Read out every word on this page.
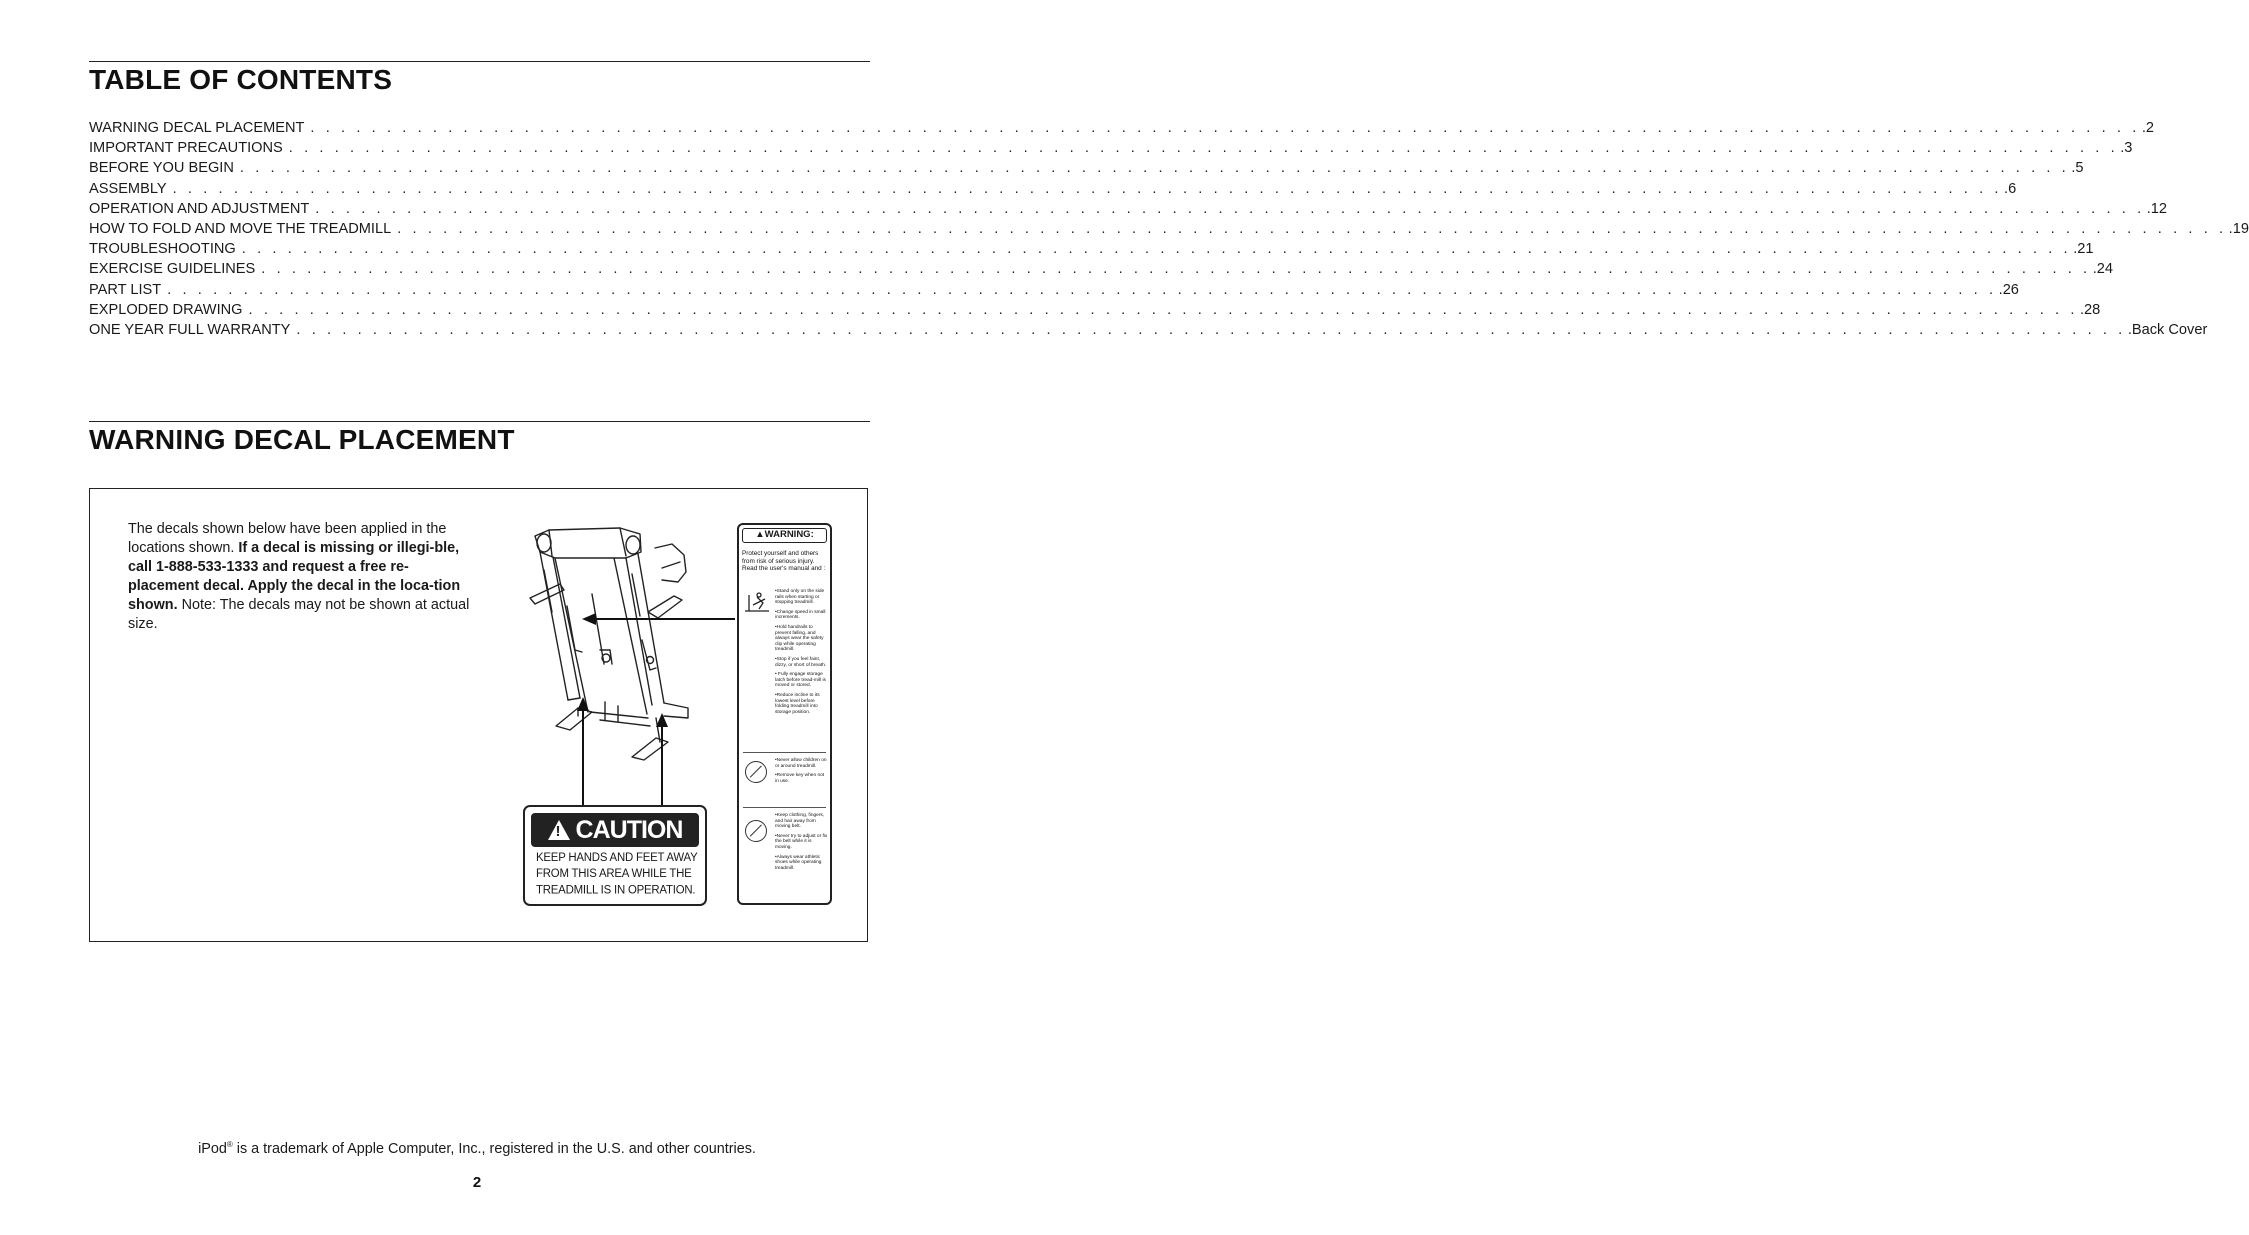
TABLE OF CONTENTS
WARNING DECAL PLACEMENT . . . . . . . . . . . . . . . . . . . . . . . . . . . . . . . . . . . . . . . . . . . . . . . . . . . . . . . . . . . . . . . . . . . . . . . . . . . . . . . . . . . . . . . . . . . . . . . . . . . . . . . . . . . . . . . . . . . . . . . . .2
IMPORTANT PRECAUTIONS . . . . . . . . . . . . . . . . . . . . . . . . . . . . . . . . . . . . . . . . . . . . . . . . . . . . . . . . . . . . . . . . . . . . . . . . . . . . . . . . . . . . . . . . . . . . . . . . . . . . . . . . . . . . . . . . . . . . . . . . .3
BEFORE YOU BEGIN . . . . . . . . . . . . . . . . . . . . . . . . . . . . . . . . . . . . . . . . . . . . . . . . . . . . . . . . . . . . . . . . . . . . . . . . . . . . . . . . . . . . . . . . . . . . . . . . . . . . . . . . . . . . . . . . . . . . . . . . .5
ASSEMBLY . . . . . . . . . . . . . . . . . . . . . . . . . . . . . . . . . . . . . . . . . . . . . . . . . . . . . . . . . . . . . . . . . . . . . . . . . . . . . . . . . . . . . . . . . . . . . . . . . . . . . . . . . . . . . . . . . . . . . . . . .6
OPERATION AND ADJUSTMENT . . . . . . . . . . . . . . . . . . . . . . . . . . . . . . . . . . . . . . . . . . . . . . . . . . . . . . . . . . . . . . . . . . . . . . . . . . . . . . . . . . . . . . . . . . . . . . . . . . . . . . . . . . . . . . . . . . . . . . . . .12
HOW TO FOLD AND MOVE THE TREADMILL . . . . . . . . . . . . . . . . . . . . . . . . . . . . . . . . . . . . . . . . . . . . . . . . . . . . . . . . . . . . . . . . . . . . . . . . . . . . . . . . . . . . . . . . . . . . . . . . . . . . . . . . . . . . . . . . . . . . . . . . .19
TROUBLESHOOTING . . . . . . . . . . . . . . . . . . . . . . . . . . . . . . . . . . . . . . . . . . . . . . . . . . . . . . . . . . . . . . . . . . . . . . . . . . . . . . . . . . . . . . . . . . . . . . . . . . . . . . . . . . . . . . . . . . . . . . . . .21
EXERCISE GUIDELINES . . . . . . . . . . . . . . . . . . . . . . . . . . . . . . . . . . . . . . . . . . . . . . . . . . . . . . . . . . . . . . . . . . . . . . . . . . . . . . . . . . . . . . . . . . . . . . . . . . . . . . . . . . . . . . . . . . . . . . . . .24
PART LIST . . . . . . . . . . . . . . . . . . . . . . . . . . . . . . . . . . . . . . . . . . . . . . . . . . . . . . . . . . . . . . . . . . . . . . . . . . . . . . . . . . . . . . . . . . . . . . . . . . . . . . . . . . . . . . . . . . . . . . . . .26
EXPLODED DRAWING . . . . . . . . . . . . . . . . . . . . . . . . . . . . . . . . . . . . . . . . . . . . . . . . . . . . . . . . . . . . . . . . . . . . . . . . . . . . . . . . . . . . . . . . . . . . . . . . . . . . . . . . . . . . . . . . . . . . . . . . .28
ONE YEAR FULL WARRANTY . . . . . . . . . . . . . . . . . . . . . . . . . . . . . . . . . . . . . . . . . . . . . . . . . . . . . . . . . . . . . . . . . . . . . . . . . . . . . . . . . . . . . . . . . . . . . . . . . . . . . . . . . . . . . . . . . . . . . . . . .Back Cover
WARNING DECAL PLACEMENT
The decals shown below have been applied in the locations shown. If a decal is missing or illegi-ble, call 1-888-533-1333 and request a free re-placement decal. Apply the decal in the loca-tion shown. Note: The decals may not be shown at actual size.
!
CAUTION
KEEP HANDS AND FEET AWAY
FROM THIS AREA WHILE THE
TREADMILL IS IN OPERATION.
▲WARNING:
Protect yourself and others from risk of serious injury. Read the user's manual and :
•Stand only on the side rails when starting or stopping treadmill.
•Change speed in small increments.
•Hold handrails to prevent falling, and always wear the safety clip while operating treadmill.
•Stop if you feel faint, dizzy, or short of breath.
• Fully engage storage latch before tread-mill is moved or stored.
•Reduce incline to its lowest level before folding treadmill into storage position.
•Never allow children on or around treadmill.
•Remove key when not in use.
•Keep clothing, fingers, and hair away from moving belt.
•Never try to adjust or fix the belt while it is moving.
•Always wear athletic shoes while operating treadmill.
iPod® is a trademark of Apple Computer, Inc., registered in the U.S. and other countries.
2
